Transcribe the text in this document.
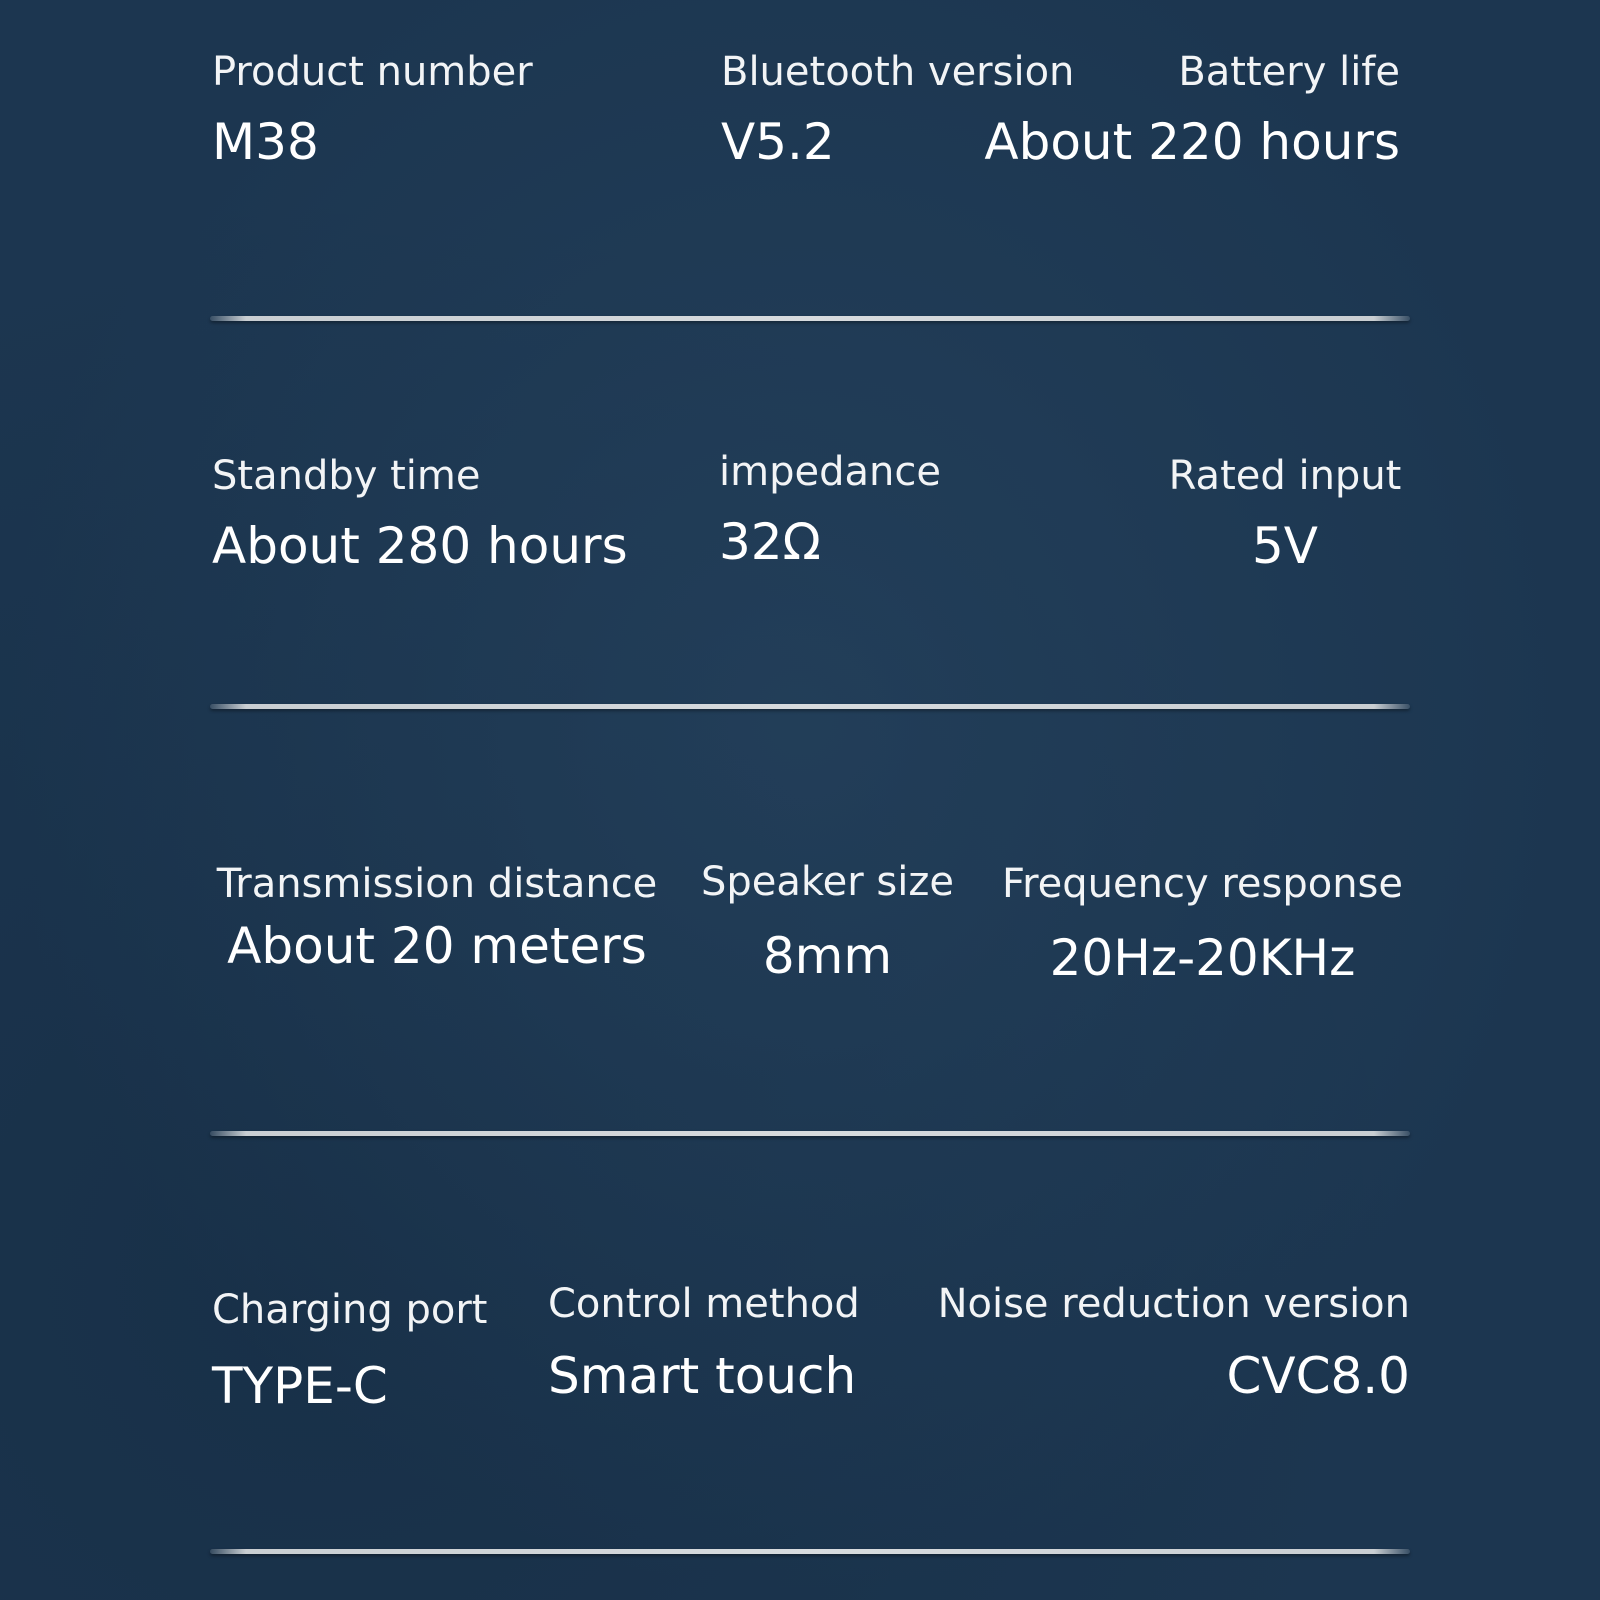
Product number
M38
Bluetooth version
V5.2
Battery life
About 220 hours
Standby time
About 280 hours
impedance
32Ω
Rated input
5V
Transmission distance
About 20 meters
Speaker size
8mm
Frequency response
20Hz-20KHz
Charging port
TYPE-C
Control method
Smart touch
Noise reduction version
CVC8.0
